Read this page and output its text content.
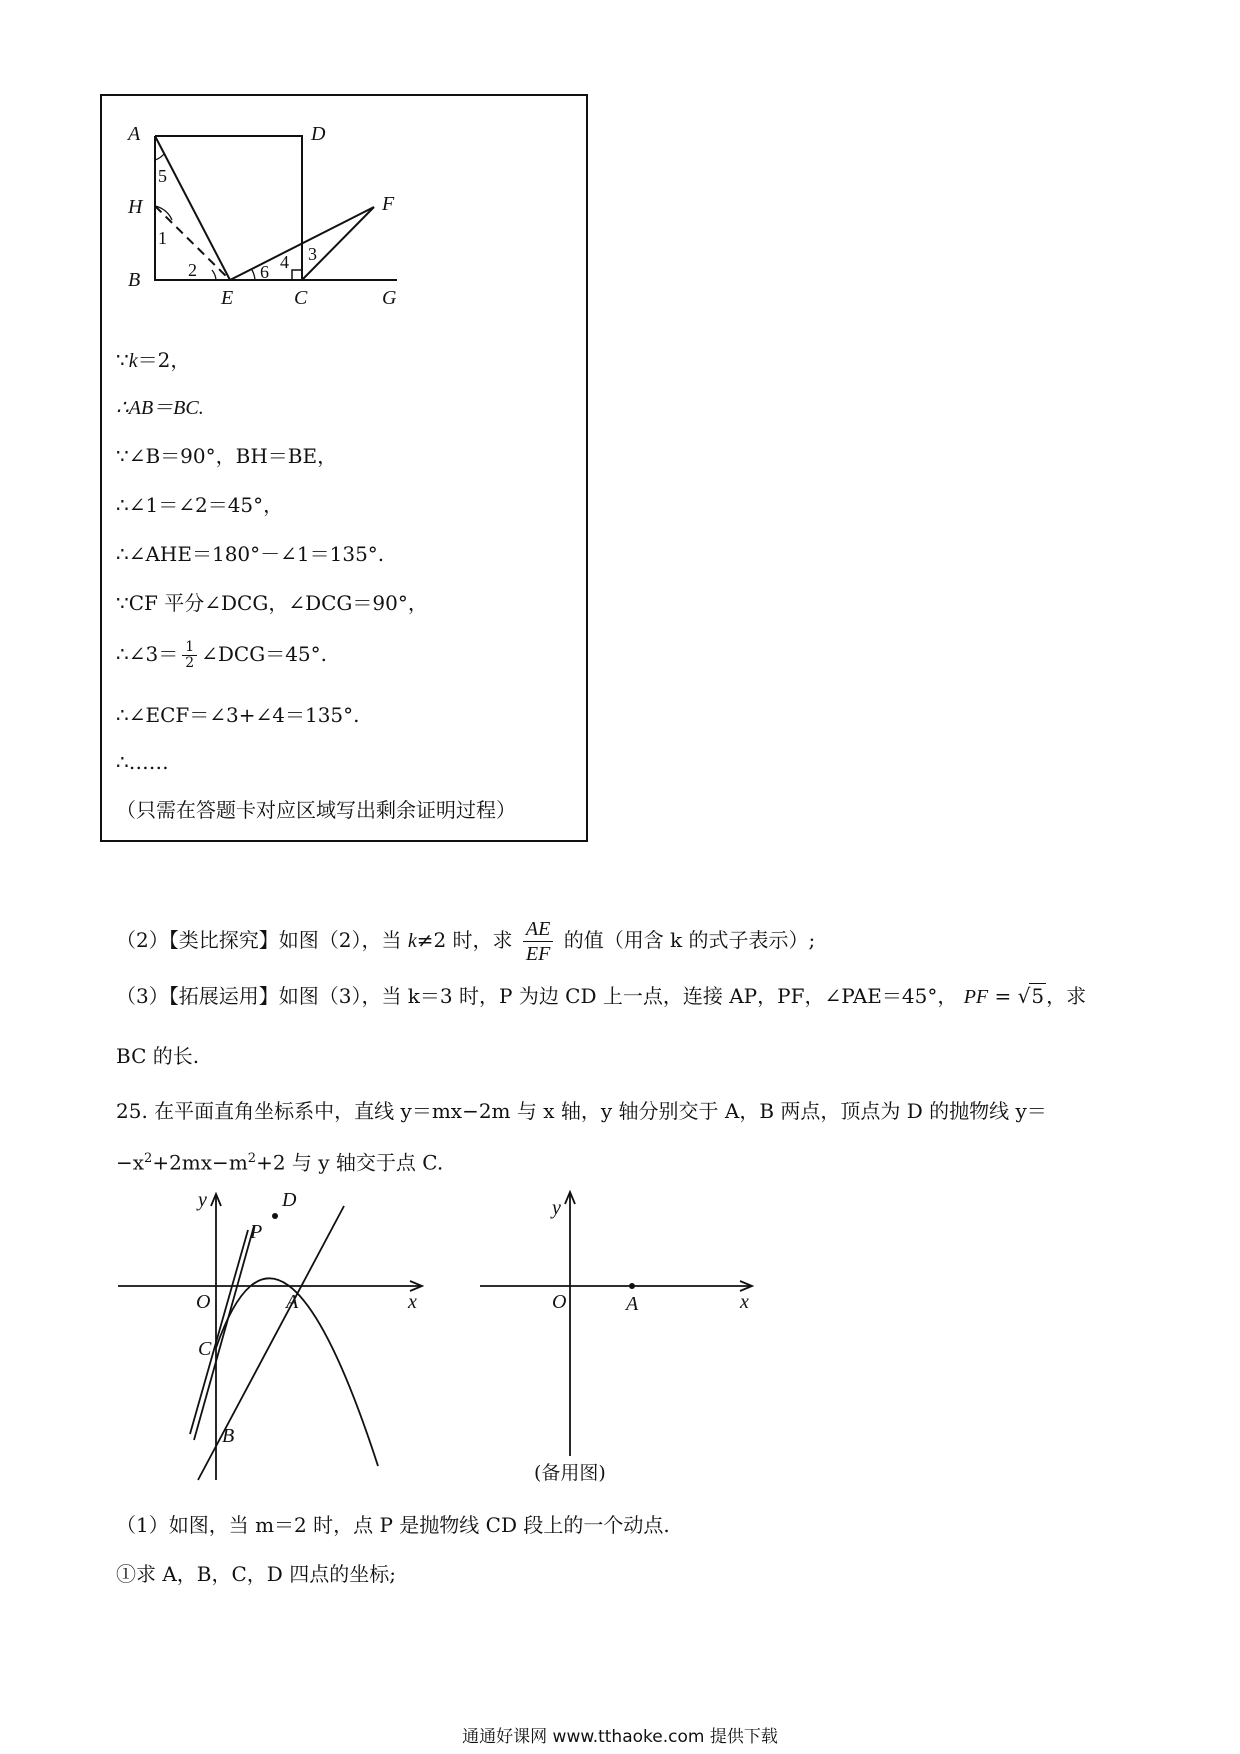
A	D
H
B
E	C	G
F
5
1
2	6 4 3
∵k＝2，
∴AB＝BC.
∵∠B＝90°，BH＝BE，
∴∠1＝∠2＝45°，
∴∠AHE＝180°－∠1＝135°.
∵CF 平分∠DCG，∠DCG＝90°，
∴∠3＝ $\frac{1}{2}$ ∠DCG＝45°.
∴∠ECF＝∠3+∠4＝135°.
∴……
（只需在答题卡对应区域写出剩余证明过程）
（2）【类比探究】如图（2），当 k≠2 时，求 $\frac{AE}{EF}$ 的值（用含 k 的式子表示）;
（3）【拓展运用】如图（3），当 k＝3 时，P 为边 CD 上一点，连接 AP，PF，∠PAE＝45°， PF = √5 ，求
BC 的长.
25. 在平面直角坐标系中，直线 y＝mx−2m 与 x 轴，y 轴分别交于 A，B 两点，顶点为 D 的抛物线 y＝
$-x^2+2mx-m^2+2$ 与 y 轴交于点 C.
y
x
O	A
D
P
C
B
y
x
O	A
(备用图)
（1）如图，当 m＝2 时，点 P 是抛物线 CD 段上的一个动点.
①求 A，B，C，D 四点的坐标;
通通好课网 www.tthaoke.com 提供下载
